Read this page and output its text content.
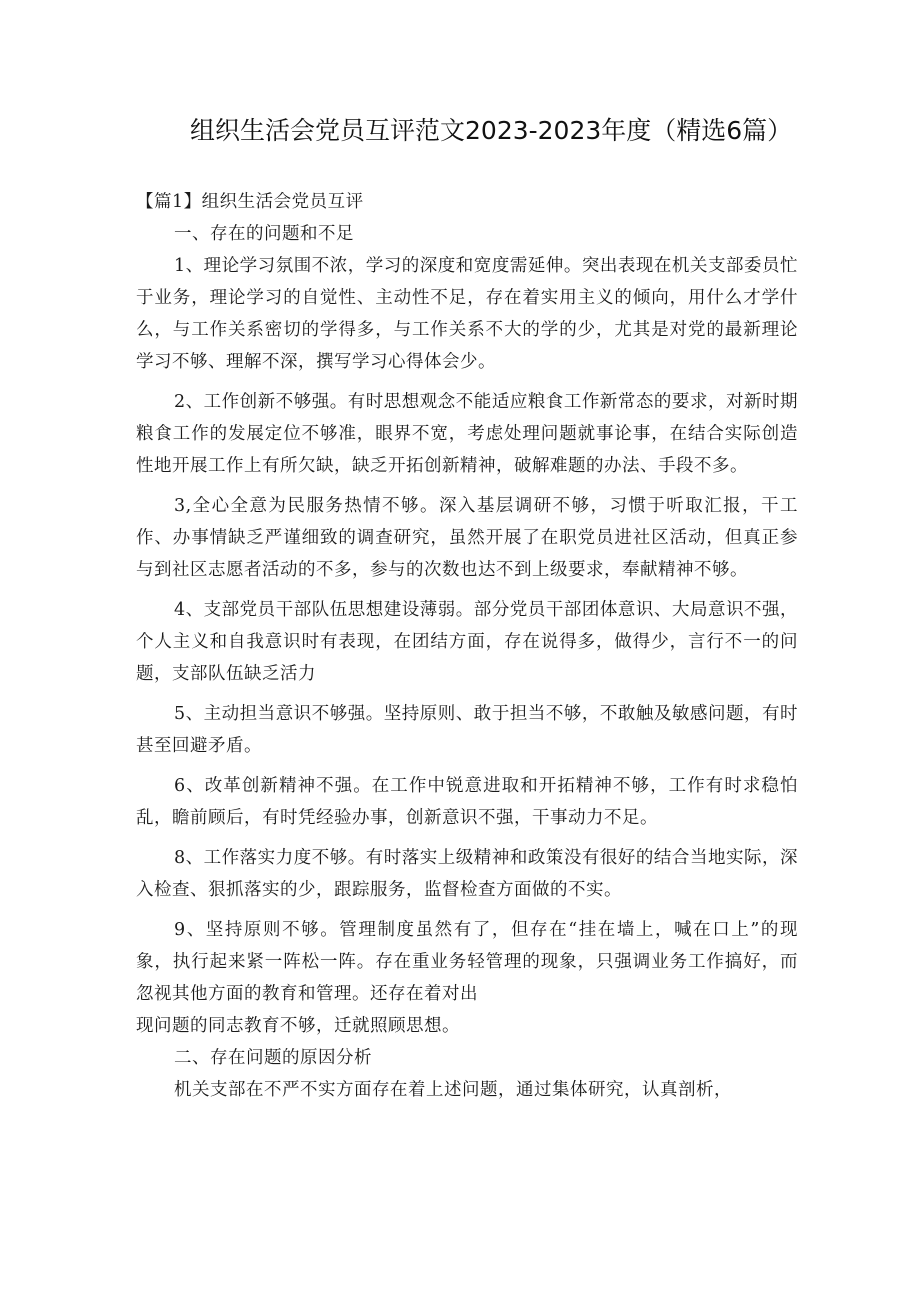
组织生活会党员互评范文2023-2023年度（精选6篇）

【篇1】组织生活会党员互评

一、存在的问题和不足

1、理论学习氛围不浓，学习的深度和宽度需延伸。突出表现在机关支部委员忙于业务，理论学习的自觉性、主动性不足，存在着实用主义的倾向，用什么才学什么，与工作关系密切的学得多，与工作关系不大的学的少，尤其是对党的最新理论学习不够、理解不深，撰写学习心得体会少。

2、工作创新不够强。有时思想观念不能适应粮食工作新常态的要求，对新时期粮食工作的发展定位不够准，眼界不宽，考虑处理问题就事论事，在结合实际创造性地开展工作上有所欠缺，缺乏开拓创新精神，破解难题的办法、手段不多。

3,全心全意为民服务热情不够。深入基层调研不够，习惯于听取汇报，干工作、办事情缺乏严谨细致的调查研究，虽然开展了在职党员进社区活动，但真正参与到社区志愿者活动的不多，参与的次数也达不到上级要求，奉献精神不够。

4、支部党员干部队伍思想建设薄弱。部分党员干部团体意识、大局意识不强，个人主义和自我意识时有表现，在团结方面，存在说得多，做得少，言行不一的问题，支部队伍缺乏活力

5、主动担当意识不够强。坚持原则、敢于担当不够，不敢触及敏感问题，有时甚至回避矛盾。

6、改革创新精神不强。在工作中锐意进取和开拓精神不够，工作有时求稳怕乱，瞻前顾后，有时凭经验办事，创新意识不强，干事动力不足。

8、工作落实力度不够。有时落实上级精神和政策没有很好的结合当地实际，深入检查、狠抓落实的少，跟踪服务，监督检查方面做的不实。

9、坚持原则不够。管理制度虽然有了，但存在“挂在墙上，喊在口上”的现象，执行起来紧一阵松一阵。存在重业务轻管理的现象，只强调业务工作搞好，而忽视其他方面的教育和管理。还存在着对出

现问题的同志教育不够，迁就照顾思想。

二、存在问题的原因分析

机关支部在不严不实方面存在着上述问题，通过集体研究，认真剖析，
